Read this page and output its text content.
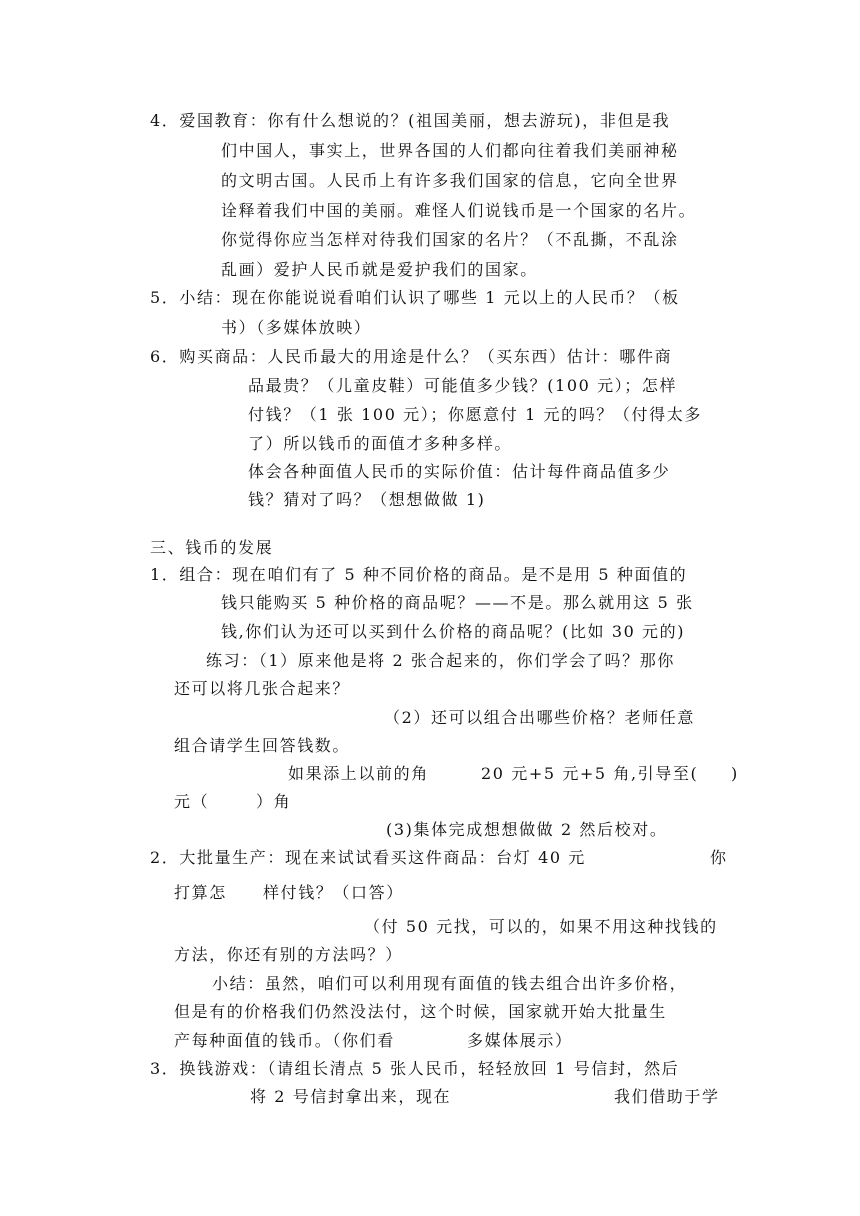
4．爱国教育：你有什么想说的？(祖国美丽，想去游玩)，非但是我
们中国人，事实上，世界各国的人们都向往着我们美丽神秘
的文明古国。人民币上有许多我们国家的信息，它向全世界
诠释着我们中国的美丽。难怪人们说钱币是一个国家的名片。
你觉得你应当怎样对待我们国家的名片？（不乱撕，不乱涂
乱画）爱护人民币就是爱护我们的国家。
5．小结：现在你能说说看咱们认识了哪些 1 元以上的人民币？（板
书）（多媒体放映）
6．购买商品：人民币最大的用途是什么？（买东西）估计：哪件商
品最贵？（儿童皮鞋）可能值多少钱？(100 元）；怎样
付钱？（1 张 100 元）；你愿意付 1 元的吗？（付得太多
了）所以钱币的面值才多种多样。
体会各种面值人民币的实际价值：估计每件商品值多少
钱？猜对了吗？（想想做做 1)
三、钱币的发展
1．组合：现在咱们有了 5 种不同价格的商品。是不是用 5 种面值的
钱只能购买 5 种价格的商品呢？——不是。那么就用这 5 张
钱,你们认为还可以买到什么价格的商品呢？(比如 30 元的)
练习：（1）原来他是将 2 张合起来的，你们学会了吗？那你
还可以将几张合起来？
（2）还可以组合出哪些价格？老师任意
组合请学生回答钱数。
如果添上以前的角	20 元+5 元+5 角,引导至( )
元（	）角
(3)集体完成想想做做 2 然后校对。
2．大批量生产：现在来试试看买这件商品：台灯 40 元	你
打算怎 样付钱？（口答）
（付 50 元找，可以的，如果不用这种找钱的
方法，你还有别的方法吗？）
小结：虽然，咱们可以利用现有面值的钱去组合出许多价格，
但是有的价格我们仍然没法付，这个时候，国家就开始大批量生
产每种面值的钱币。（你们看	多媒体展示）
3．换钱游戏：（请组长清点 5 张人民币，轻轻放回 1 号信封，然后
将 2 号信封拿出来，现在	我们借助于学
